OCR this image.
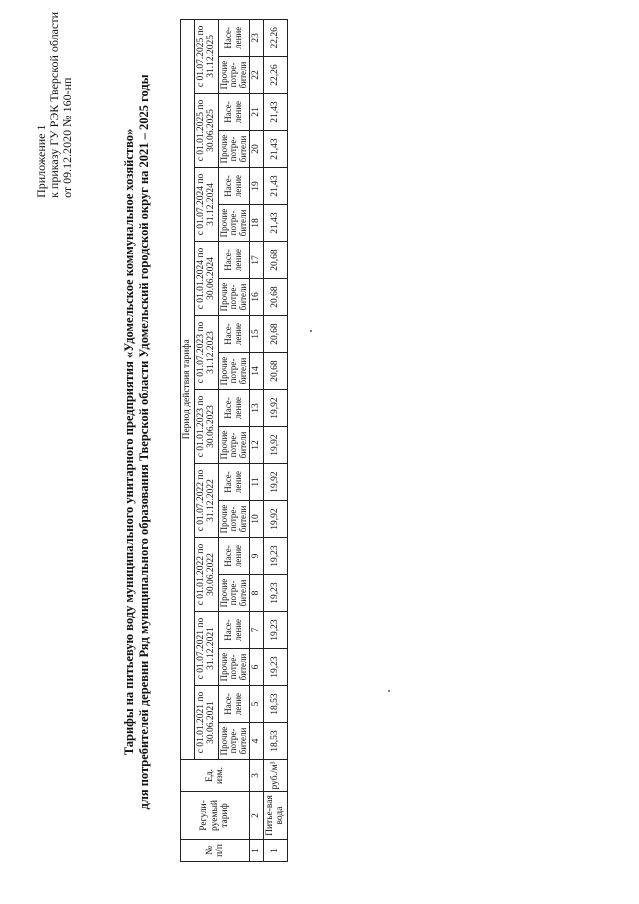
Приложение 1 к приказу ГУ РЭК Тверской области от 09.12.2020 № 160-нп	Тарифы на питьевую воду муниципального унитарного предприятия «Удомельское коммунальное хозяйство» для потребителей деревни Ряд муниципального образования Тверской области Удомельский городской округ на 2021 – 2025 годы
№ п/п	Регули-руемый тариф	Ед. изм.	Период действия тарифа																			
			с 01.01.2021 по 30.06.2021		с 01.07.2021 по 31.12.2021		с 01.01.2022 по 30.06.2022		с 01.07.2022 по 31.12.2022		с 01.01.2023 по 30.06.2023		с 01.07.2023 по 31.12.2023		с 01.01.2024 по 30.06.2024		с 01.07.2024 по 31.12.2024		с 01.01.2025 по 30.06.2025		с 01.07.2025 по 31.12.2025	
			Прочие потре-бители	Насе-ление	Прочие потре-бители	Насе-ление	Прочие потре-бители	Насе-ление	Прочие потре-бители	Насе-ление	Прочие потре-бители	Насе-ление	Прочие потре-бители	Насе-ление	Прочие потре-бители	Насе-ление	Прочие потре-бители	Насе-ление	Прочие потре-бители	Насе-ление	Прочие потре-бители	Насе-ление
1	2	3	4	5	6	7	8	9	10	11	12	13	14	15	16	17	18	19	20	21	22	23
1	Питье-вая вода	руб./м³	18,53	18,53	19,23	19,23	19,23	19,23	19,92	19,92	19,92	19,92	20,68	20,68	20,68	20,68	21,43	21,43	21,43	21,43	22,26	22,26
